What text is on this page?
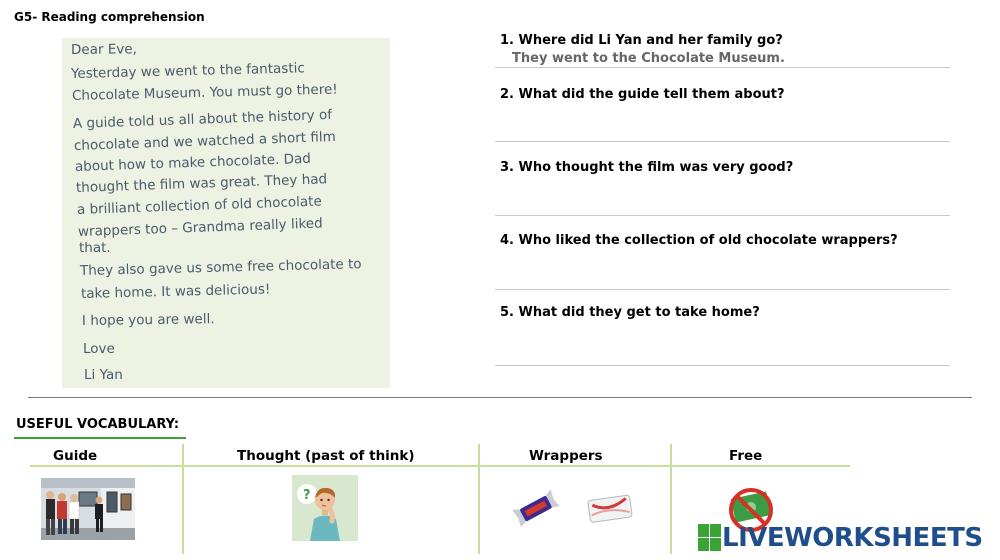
G5- Reading comprehension
Dear Eve,
Yesterday we went to the fantastic
Chocolate Museum. You must go there!
A guide told us all about the history of
chocolate and we watched a short film
about how to make chocolate. Dad
thought the film was great. They had
a brilliant collection of old chocolate
wrappers too – Grandma really liked
that.
They also gave us some free chocolate to
take home. It was delicious!
I hope you are well.
Love
Li Yan
1. Where did Li Yan and her family go?
They went to the Chocolate Museum.
2. What did the guide tell them about?
3. Who thought the film was very good?
4. Who liked the collection of old chocolate wrappers?
5. What did they get to take home?
USEFUL VOCABULARY:
Guide	Thought (past of think)	Wrappers	Free
?
LIVEWORKSHEETS
